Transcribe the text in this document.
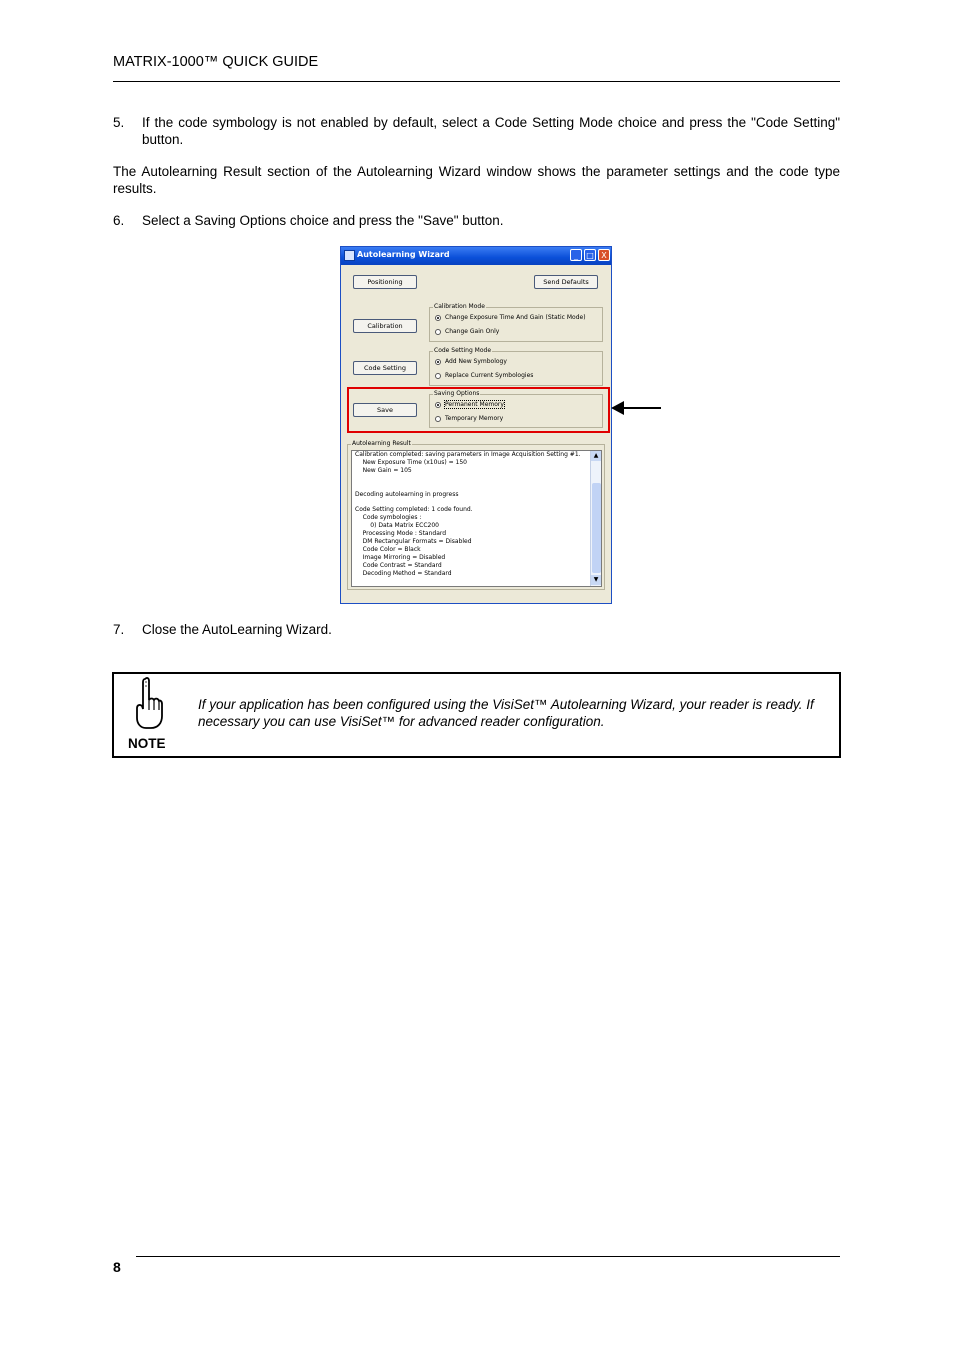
MATRIX-1000™ QUICK GUIDE
5. If the code symbology is not enabled by default, select a Code Setting Mode choice and press the "Code Setting" button.
The Autolearning Result section of the Autolearning Wizard window shows the parameter settings and the code type results.
6. Select a Saving Options choice and press the "Save" button.
Autolearning Wizard	_	□ X
Positioning	Send Defaults
Calibration Mode
Change Exposure Time And Gain (Static Mode)
Change Gain Only
Calibration
Code Setting Mode
Add New Symbology
Replace Current Symbologies
Code Setting
Saving Options
Permanent Memory
Temporary Memory
Save
Autolearning Result
Calibration completed: saving parameters in Image Acquisition Setting #1.
New Exposure Time (x10us) = 150
New Gain = 105
Decoding autolearning in progress
Code Setting completed: 1 code found.
Code symbologies :
0) Data Matrix ECC200
Processing Mode : Standard
DM Rectangular Formats = Disabled
Code Color = Black
Image Mirroring = Disabled
Code Contrast = Standard
Decoding Method = Standard
▲
▼
7. Close the AutoLearning Wizard.
NOTE
If your application has been configured using the VisiSet™ Autolearning Wizard, your reader is ready. If necessary you can use VisiSet™ for advanced reader configuration.
8
